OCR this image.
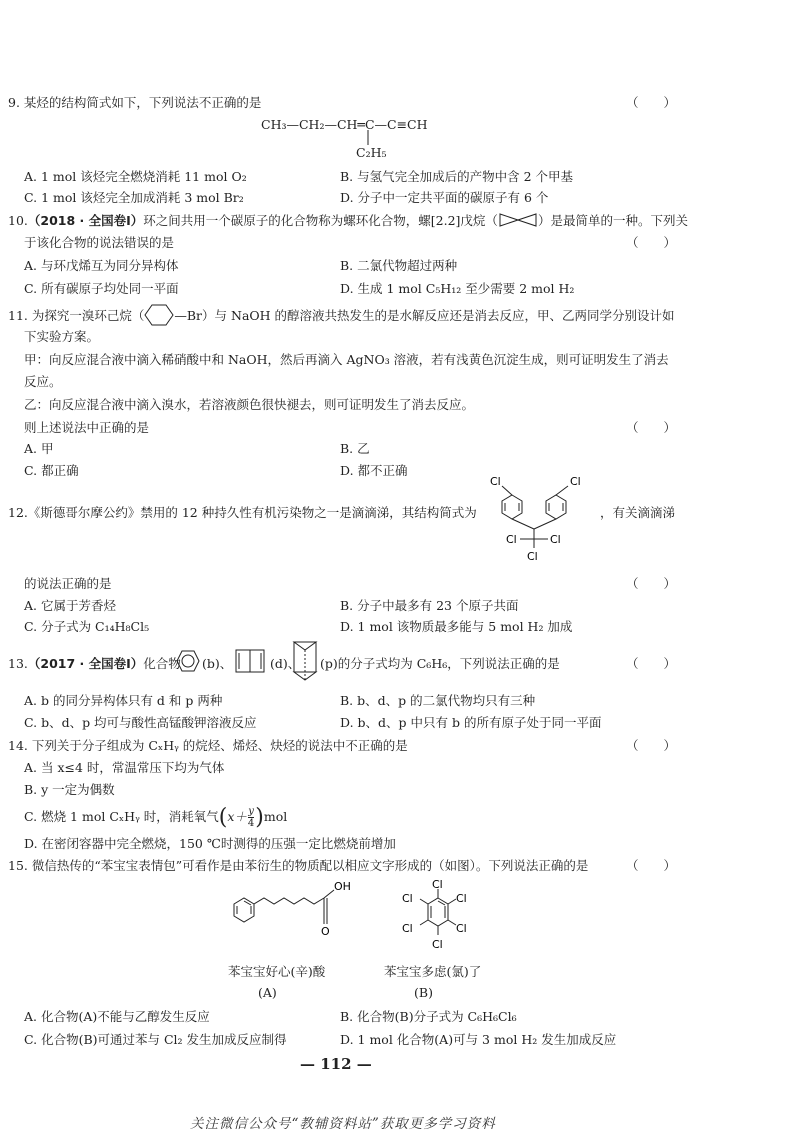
9. 某烃的结构简式如下，下列说法不正确的是	（　　）
CH₃—CH₂—CH═C—C≡CH
C₂H₅
A. 1 mol 该烃完全燃烧消耗 11 mol O₂	B. 与氢气完全加成后的产物中含 2 个甲基
C. 1 mol 该烃完全加成消耗 3 mol Br₂	D. 分子中一定共平面的碳原子有 6 个
10.（2018 · 全国卷Ⅰ）环之间共用一个碳原子的化合物称为螺环化合物，螺[2.2]戊烷（	）是最简单的一种。下列关
于该化合物的说法错误的是	（　　）
A. 与环戊烯互为同分异构体	B. 二氯代物超过两种
C. 所有碳原子均处同一平面	D. 生成 1 mol C₅H₁₂ 至少需要 2 mol H₂
11. 为探究一溴环己烷（ —Br）与 NaOH 的醇溶液共热发生的是水解反应还是消去反应，甲、乙两同学分别设计如
下实验方案。
甲：向反应混合液中滴入稀硝酸中和 NaOH，然后再滴入 AgNO₃ 溶液，若有浅黄色沉淀生成，则可证明发生了消去
反应。
乙：向反应混合液中滴入溴水，若溶液颜色很快褪去，则可证明发生了消去反应。
则上述说法中正确的是	（　　）
A. 甲	B. 乙
C. 都正确	D. 都不正确
12.《斯德哥尔摩公约》禁用的 12 种持久性有机污染物之一是滴滴涕，其结构简式为	，有关滴滴涕
Cl	Cl
Cl	Cl
Cl
的说法正确的是	（　　）
A. 它属于芳香烃	B. 分子中最多有 23 个原子共面
C. 分子式为 C₁₄H₈Cl₅	D. 1 mol 该物质最多能与 5 mol H₂ 加成
13.（2017 · 全国卷Ⅰ）化合物 (b)、	(d)、 (p)的分子式均为 C₆H₆，下列说法正确的是	（　　）
A. b 的同分异构体只有 d 和 p 两种	B. b、d、p 的二氯代物均只有三种
C. b、d、p 均可与酸性高锰酸钾溶液反应	D. b、d、p 中只有 b 的所有原子处于同一平面
14. 下列关于分子组成为 CₓHᵧ 的烷烃、烯烃、炔烃的说法中不正确的是	（　　）
A. 当 x≤4 时，常温常压下均为气体
B. y 一定为偶数
C. 燃烧 1 mol CₓHᵧ 时，消耗氧气$(x+ \frac{y}{4} )mol$
D. 在密闭容器中完全燃烧，150 ℃时测得的压强一定比燃烧前增加
15. 微信热传的“苯宝宝表情包”可看作是由苯衍生的物质配以相应文字形成的（如图）。下列说法正确的是	（　　）
OH
O
Cl
Cl
Cl
Cl
Cl
Cl
苯宝宝好心(辛)酸	苯宝宝多虑(氯)了
(A)	(B)
A. 化合物(A)不能与乙醇发生反应	B. 化合物(B)分子式为 C₆H₆Cl₆
C. 化合物(B)可通过苯与 Cl₂ 发生加成反应制得	D. 1 mol 化合物(A)可与 3 mol H₂ 发生加成反应
— 112 —
关注微信公众号“教辅资料站”获取更多学习资料
